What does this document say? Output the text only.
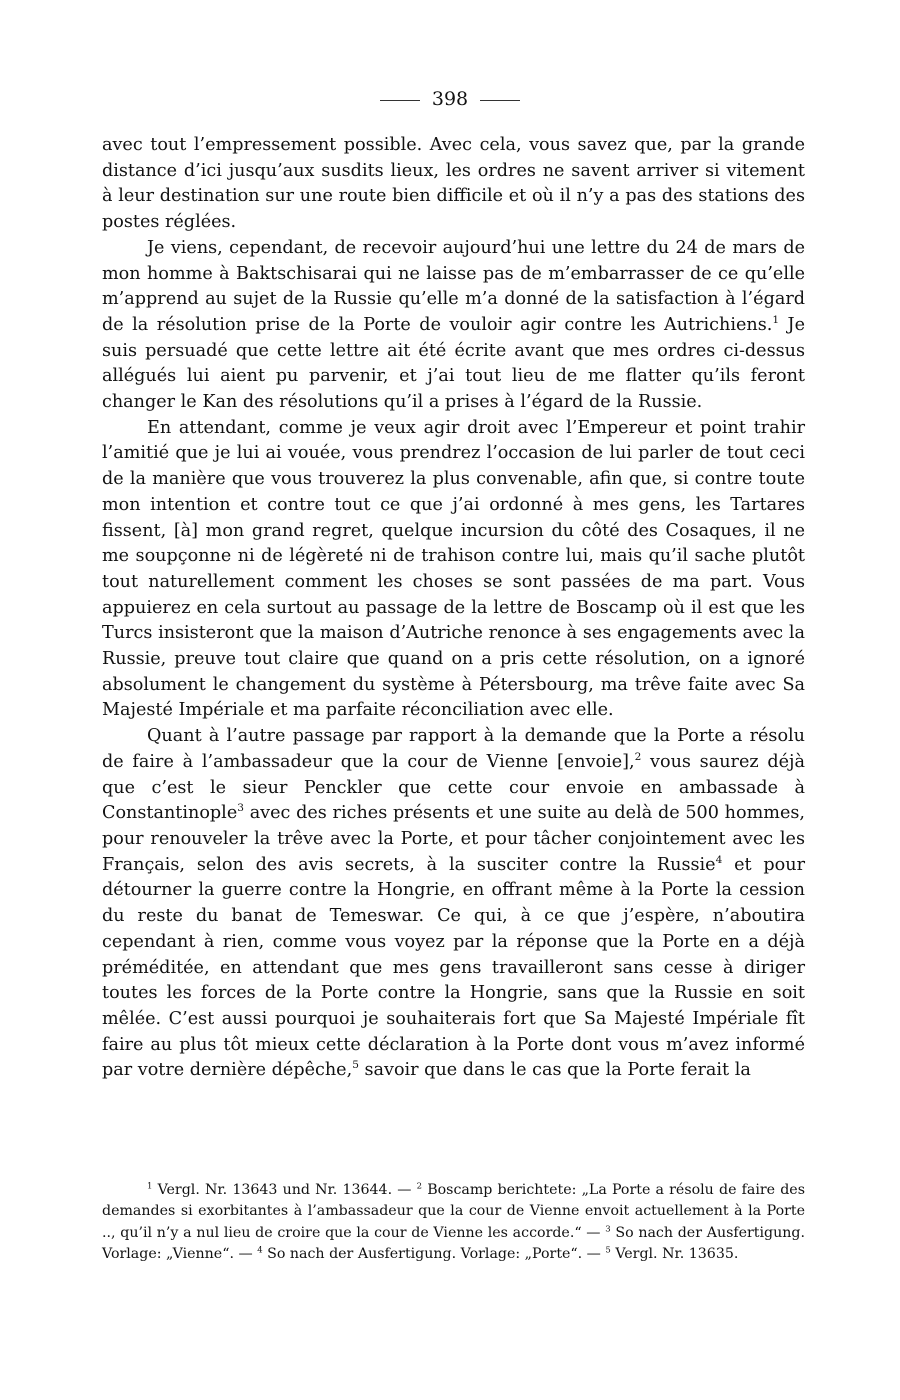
398

avec tout l’empressement possible. Avec cela, vous savez que, par la grande distance d’ici jusqu’aux susdits lieux, les ordres ne savent arriver si vitement à leur destination sur une route bien difficile et où il n’y a pas des stations des postes réglées.

Je viens, cependant, de recevoir aujourd’hui une lettre du 24 de mars de mon homme à Baktschisarai qui ne laisse pas de m’embarrasser de ce qu’elle m’apprend au sujet de la Russie qu’elle m’a donné de la satisfaction à l’égard de la résolution prise de la Porte de vouloir agir contre les Autrichiens.$^1$ Je suis persuadé que cette lettre ait été écrite avant que mes ordres ci-dessus allégués lui aient pu parvenir, et j’ai tout lieu de me flatter qu’ils feront changer le Kan des résolutions qu’il a prises à l’égard de la Russie.

En attendant, comme je veux agir droit avec l’Empereur et point trahir l’amitié que je lui ai vouée, vous prendrez l’occasion de lui parler de tout ceci de la manière que vous trouverez la plus convenable, afin que, si contre toute mon intention et contre tout ce que j’ai ordonné à mes gens, les Tartares fissent, [à] mon grand regret, quelque incursion du côté des Cosaques, il ne me soupçonne ni de légèreté ni de trahison contre lui, mais qu’il sache plutôt tout naturellement comment les choses se sont passées de ma part. Vous appuierez en cela surtout au passage de la lettre de Boscamp où il est que les Turcs insisteront que la maison d’Autriche renonce à ses engagements avec la Russie, preuve tout claire que quand on a pris cette résolution, on a ignoré absolument le changement du système à Pétersbourg, ma trêve faite avec Sa Majesté Impériale et ma parfaite réconciliation avec elle.

Quant à l’autre passage par rapport à la demande que la Porte a résolu de faire à l’ambassadeur que la cour de Vienne [envoie],$^2$ vous saurez déjà que c’est le sieur Penckler que cette cour envoie en ambassade à Constantinople$^3$ avec des riches présents et une suite au delà de 500 hommes, pour renouveler la trêve avec la Porte, et pour tâcher conjointement avec les Français, selon des avis secrets, à la susciter contre la Russie$^4$ et pour détourner la guerre contre la Hongrie, en offrant même à la Porte la cession du reste du banat de Temeswar. Ce qui, à ce que j’espère, n’aboutira cependant à rien, comme vous voyez par la réponse que la Porte en a déjà préméditée, en attendant que mes gens travailleront sans cesse à diriger toutes les forces de la Porte contre la Hongrie, sans que la Russie en soit mêlée. C’est aussi pourquoi je souhaiterais fort que Sa Majesté Impériale fît faire au plus tôt mieux cette déclaration à la Porte dont vous m’avez informé par votre dernière dépêche,$^5$ savoir que dans le cas que la Porte ferait la

$^1$ Vergl. Nr. 13643 und Nr. 13644. — $^2$ Boscamp berichtete: „La Porte a résolu de faire des demandes si exorbitantes à l’ambassadeur que la cour de Vienne envoit actuellement à la Porte .., qu’il n’y a nul lieu de croire que la cour de Vienne les accorde.“ — $^3$ So nach der Ausfertigung. Vorlage: „Vienne“. — $^4$ So nach der Ausfertigung. Vorlage: „Porte“. — $^5$ Vergl. Nr. 13635.
